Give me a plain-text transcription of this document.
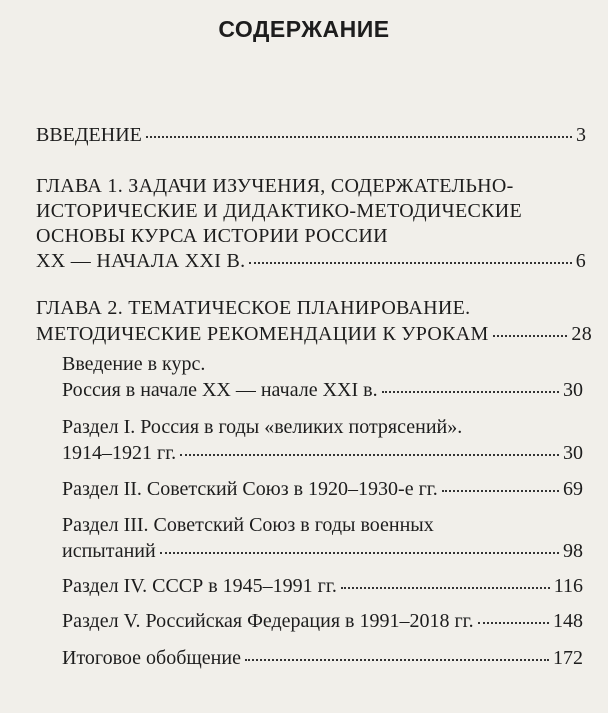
СОДЕРЖАНИЕ
ВВЕДЕНИЕ	3
ГЛАВА 1. ЗАДАЧИ ИЗУЧЕНИЯ, СОДЕРЖАТЕЛЬНО-
ИСТОРИЧЕСКИЕ И ДИДАКТИКО-МЕТОДИЧЕСКИЕ
ОСНОВЫ КУРСА ИСТОРИИ РОССИИ
XX — НАЧАЛА XXI В.	6
ГЛАВА 2. ТЕМАТИЧЕСКОЕ ПЛАНИРОВАНИЕ.
МЕТОДИЧЕСКИЕ РЕКОМЕНДАЦИИ К УРОКАМ	28
Введение в курс.
Россия в начале XX — начале XXI в.	30
Раздел I. Россия в годы «великих потрясений».
1914–1921 гг.	30
Раздел II. Советский Союз в 1920–1930-е гг.	69
Раздел III. Советский Союз в годы военных
испытаний	98
Раздел IV. СССР в 1945–1991 гг.	116
Раздел V. Российская Федерация в 1991–2018 гг.	148
Итоговое обобщение	172
